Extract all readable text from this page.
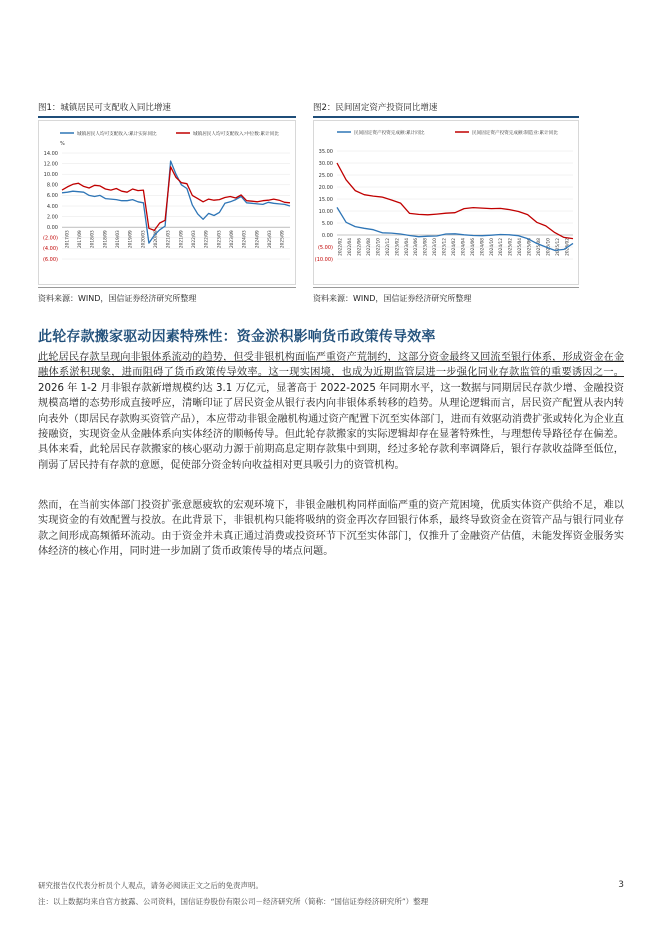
图1：城镇居民可支配收入同比增速
城镇居民人均可支配收入:累计实际同比	城镇居民人均可支配收入:中位数:累计同比
%
14.00
12.00
10.00
8.00
6.00
4.00
2.00
0.00
(2.00)
(4.00)
(6.00)
2017/03 2017/09 2018/03 2018/09 2019/03 2019/09 2020/03 2020/09 2021/03 2021/09 2022/03 2022/09 2023/03 2023/09 2024/03 2024/09 2025/03 2025/09
资料来源：WIND，国信证券经济研究所整理
图2：民间固定资产投资同比增速
民间固定资产投资完成额:累计同比	民间固定资产投资完成额:制造业:累计同比
35.00
30.00
25.00
20.00
15.00
10.00
5.00
0.00
(5.00)
(10.00)
2022/02 2022/04 2022/06 2022/08 2022/10 2022/12 2023/02 2023/04 2023/06 2023/08 2023/10 2023/12 2024/02 2024/04 2024/06 2024/08 2024/10 2024/12 2025/02 2025/04 2025/06 2025/08 2025/10 2025/12 2026/02
资料来源：WIND，国信证券经济研究所整理
此轮存款搬家驱动因素特殊性：资金淤积影响货币政策传导效率

此轮居民存款呈现向非银体系流动的趋势，但受非银机构面临严重资产荒制约，这部分资金最终又回流至银行体系，形成资金在金融体系淤积现象，进而阻碍了货币政策传导效率。这一现实困境，也成为近期监管层进一步强化同业存款监管的重要诱因之一。2026 年 1-2 月非银存款新增规模约达 3.1 万亿元，显著高于 2022-2025 年同期水平，这一数据与同期居民存款少增、金融投资规模高增的态势形成直接呼应，清晰印证了居民资金从银行表内向非银体系转移的趋势。从理论逻辑而言，居民资产配置从表内转向表外（即居民存款购买资管产品），本应带动非银金融机构通过资产配置下沉至实体部门，进而有效驱动消费扩张或转化为企业直接融资，实现资金从金融体系向实体经济的顺畅传导。但此轮存款搬家的实际逻辑却存在显著特殊性，与理想传导路径存在偏差。具体来看，此轮居民存款搬家的核心驱动力源于前期高息定期存款集中到期，经过多轮存款利率调降后，银行存款收益降至低位，削弱了居民持有存款的意愿，促使部分资金转向收益相对更具吸引力的资管机构。

然而，在当前实体部门投资扩张意愿疲软的宏观环境下，非银金融机构同样面临严重的资产荒困境，优质实体资产供给不足，难以实现资金的有效配置与投放。在此背景下，非银机构只能将吸纳的资金再次存回银行体系，最终导致资金在资管产品与银行同业存款之间形成高频循环流动。由于资金并未真正通过消费或投资环节下沉至实体部门，仅推升了金融资产估值，未能发挥资金服务实体经济的核心作用，同时进一步加剧了货币政策传导的堵点问题。

研究报告仅代表分析员个人观点，请务必阅读正文之后的免责声明。
注：以上数据均来自官方披露、公司资料，国信证券股份有限公司－经济研究所（简称：“国信证券经济研究所”）整理
3
